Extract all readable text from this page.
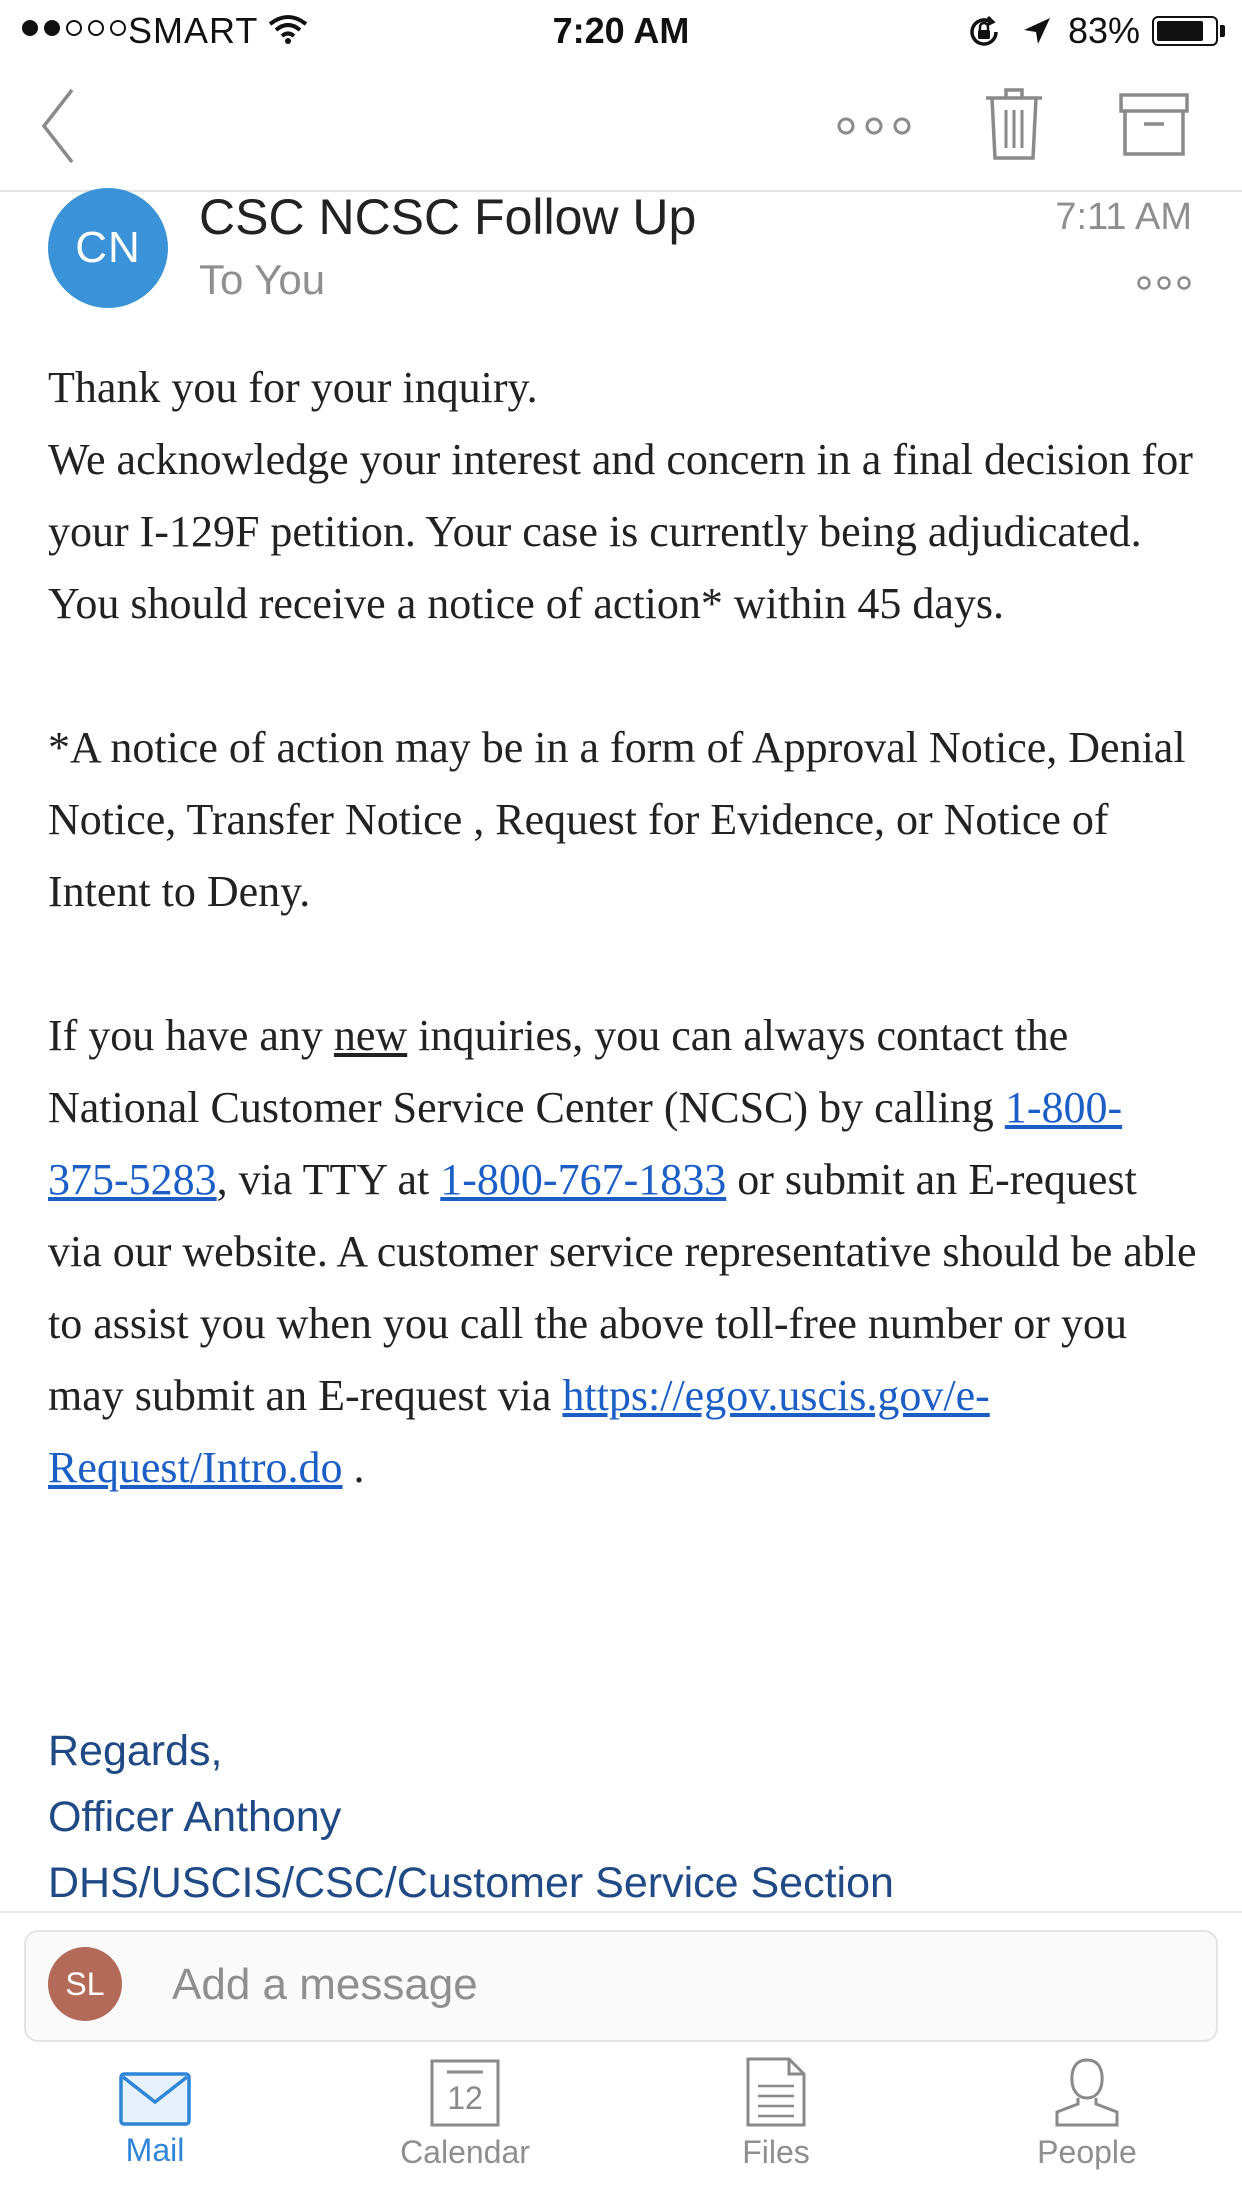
SMART	7:20 AM	83%
CN
CSC NCSC Follow Up
To You
7:11 AM

Thank you for your inquiry.
We acknowledge your interest and concern in a final decision for your I-129F petition. Your case is currently being adjudicated. You should receive a notice of action* within 45 days.

*A notice of action may be in a form of Approval Notice, Denial Notice, Transfer Notice , Request for Evidence, or Notice of Intent to Deny.

If you have any new inquiries, you can always contact the National Customer Service Center (NCSC) by calling 1-800-375-5283, via TTY at 1-800-767-1833 or submit an E-request via our website. A customer service representative should be able to assist you when you call the above toll-free number or you may submit an E-request via https://egov.uscis.gov/e-Request/Intro.do .

Regards,
Officer Anthony
DHS/USCIS/CSC/Customer Service Section
SL	Add a message
Mail
12
Calendar	Files	People
